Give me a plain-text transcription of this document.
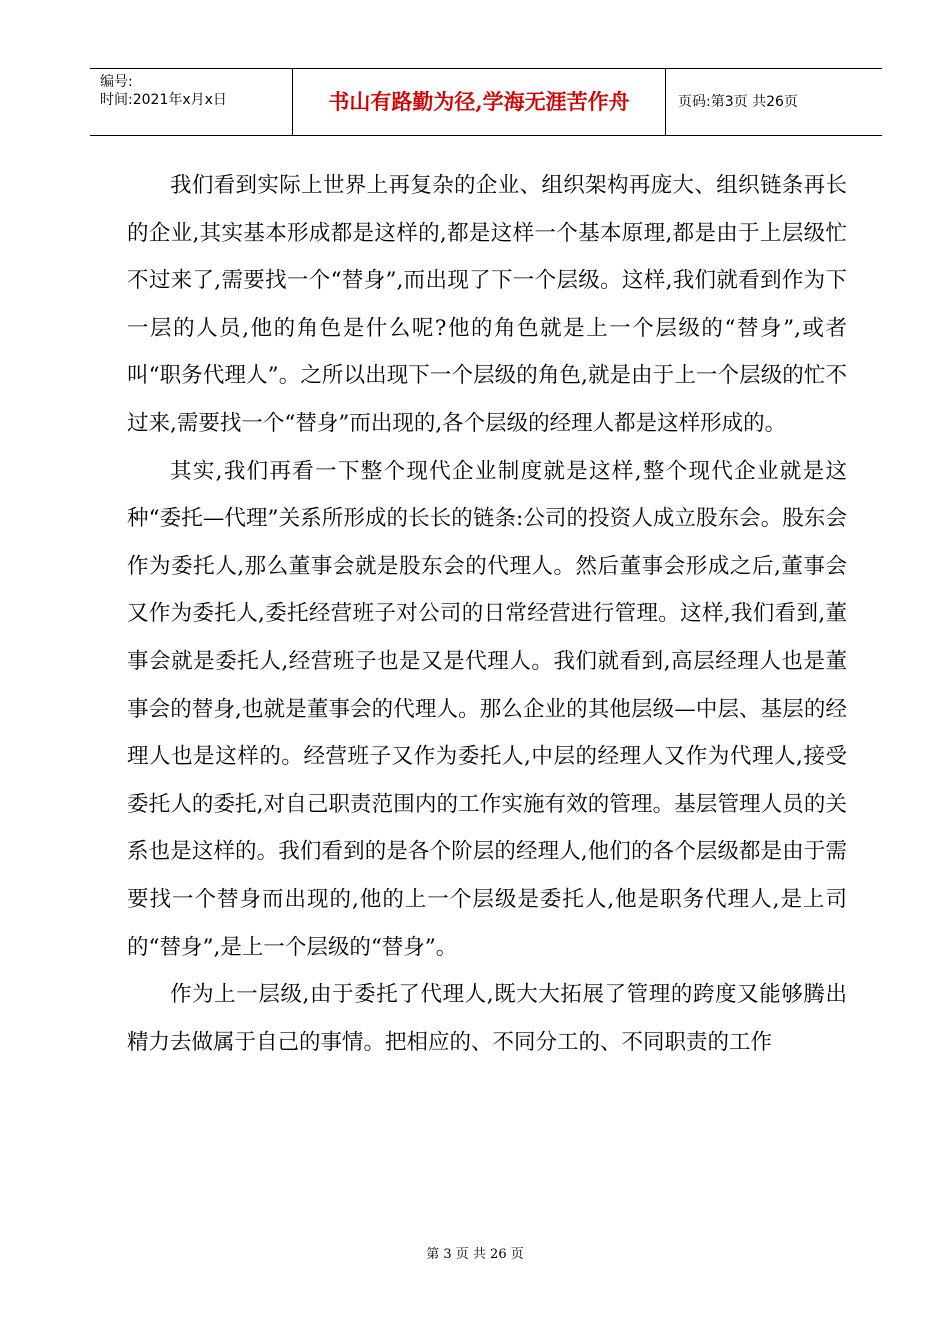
编号:
时间:2021年x月x日	书山有路勤为径,学海无涯苦作舟	页码:第3页 共26页

我们看到实际上世界上再复杂的企业、组织架构再庞大、组织链条再长的企业,其实基本形成都是这样的,都是这样一个基本原理,都是由于上层级忙不过来了,需要找一个“替身”,而出现了下一个层级。这样,我们就看到作为下一层的人员,他的角色是什么呢?他的角色就是上一个层级的“替身”,或者叫“职务代理人”。之所以出现下一个层级的角色,就是由于上一个层级的忙不过来,需要找一个“替身”而出现的,各个层级的经理人都是这样形成的。

其实,我们再看一下整个现代企业制度就是这样,整个现代企业就是这种“委托—代理”关系所形成的长长的链条:公司的投资人成立股东会。股东会作为委托人,那么董事会就是股东会的代理人。然后董事会形成之后,董事会又作为委托人,委托经营班子对公司的日常经营进行管理。这样,我们看到,董事会就是委托人,经营班子也是又是代理人。我们就看到,高层经理人也是董事会的替身,也就是董事会的代理人。那么企业的其他层级—中层、基层的经理人也是这样的。经营班子又作为委托人,中层的经理人又作为代理人,接受委托人的委托,对自己职责范围内的工作实施有效的管理。基层管理人员的关系也是这样的。我们看到的是各个阶层的经理人,他们的各个层级都是由于需要找一个替身而出现的,他的上一个层级是委托人,他是职务代理人,是上司的“替身”,是上一个层级的“替身”。

作为上一层级,由于委托了代理人,既大大拓展了管理的跨度又能够腾出精力去做属于自己的事情。把相应的、不同分工的、不同职责的工作

第 3 页 共 26 页
